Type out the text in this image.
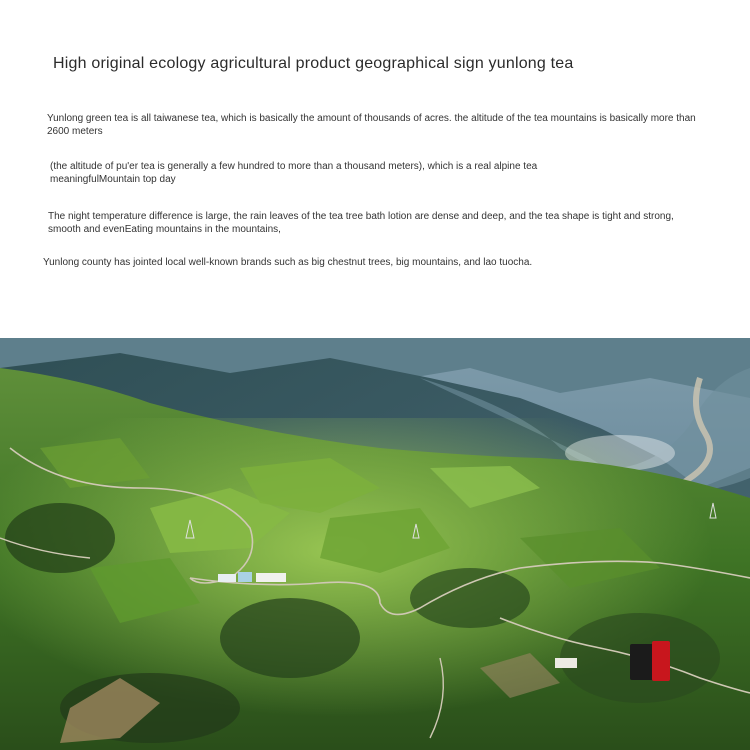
High original ecology agricultural product geographical sign yunlong tea
Yunlong green tea is all taiwanese tea, which is basically the amount of thousands of acres. the altitude of the tea mountains is basically more than 2600 meters
(the altitude of pu'er tea is generally a few hundred to more than a thousand meters), which is a real alpine tea meaningfulMountain top day
The night temperature difference is large, the rain leaves of the tea tree bath lotion are dense and deep, and the tea shape is tight and strong, smooth and evenEating mountains in the mountains,
Yunlong county has jointed local well-known brands such as big chestnut trees, big mountains, and lao tuocha.
